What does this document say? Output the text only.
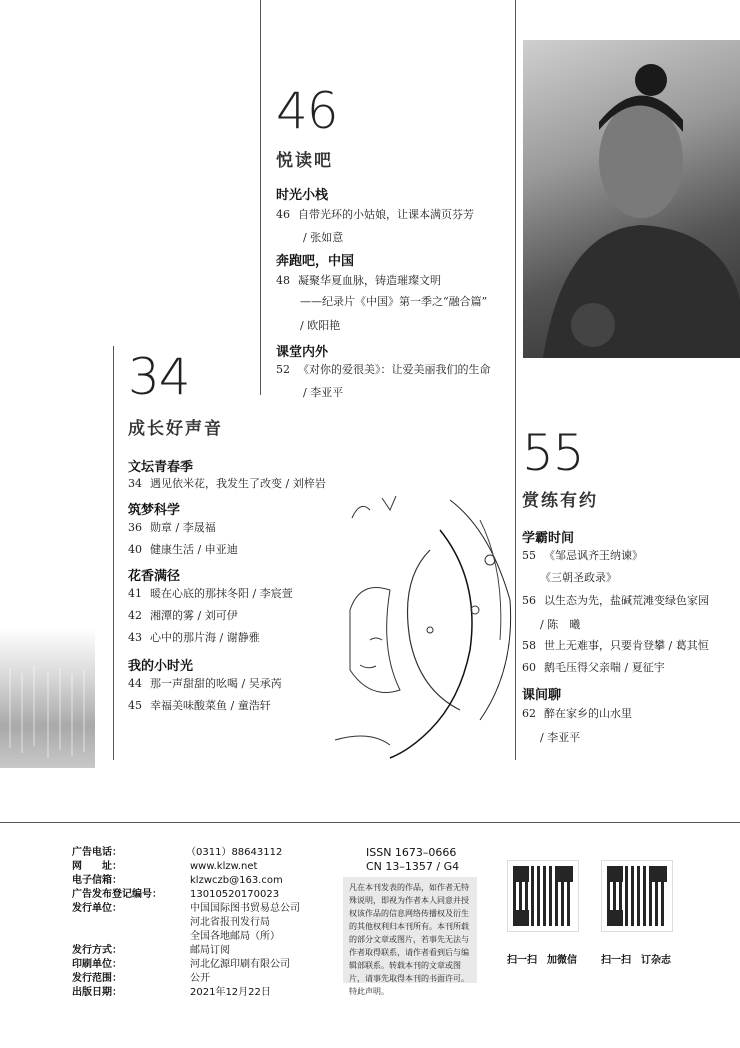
46
悦读吧
时光小栈
46 自带光环的小姑娘，让课本满页芬芳
/ 张如意
奔跑吧，中国
48 凝聚华夏血脉，铸造璀璨文明
——纪录片《中国》第一季之“融合篇”
/ 欧阳艳
课堂内外
52 《对你的爱很美》：让爱美丽我们的生命
/ 李亚平
34
成长好声音
文坛青春季
34 遇见依米花，我发生了改变 / 刘梓岩
筑梦科学
36 勋章 / 李晟福
40 健康生活 / 申亚迪
花香满径
41 暖在心底的那抹冬阳 / 李宸萱
42 湘潭的雾 / 刘可伊
43 心中的那片海 / 谢静雅
我的小时光
44 那一声甜甜的吆喝 / 吴承芮
45 幸福美味酸菜鱼 / 童浩轩
55
赏练有约
学霸时间
55 《邹忌讽齐王纳谏》
《三朝圣政录》
56 以生态为先，盐碱荒滩变绿色家园
/ 陈　曦
58 世上无难事，只要肯登攀 / 葛其恒
60 鹅毛压得父亲喘 / 夏征宇
课间聊
62 醉在家乡的山水里
/ 李亚平
广告电话：
网　　址：
电子信箱：
广告发布登记编号：
发行单位：
发行方式：
印刷单位：
发行范围：
出版日期：
（0311）88643112
www.klzw.net
klzwczb@163.com
13010520170023
中国国际图书贸易总公司
河北省报刊发行局
全国各地邮局（所）
邮局订阅
河北亿源印刷有限公司
公开
2021年12月22日
ISSN 1673–0666
CN 13–1357 / G4
凡在本刊发表的作品，如作者无特殊说明，即视为作者本人同意并授权该作品的信息网络传播权及衍生的其他权利归本刊所有。本刊所载的部分文章或图片，若事先无法与作者取得联系，请作者看到后与编辑部联系。转载本刊的文章或图片，请事先取得本刊的书面许可。特此声明。
扫一扫　加微信 扫一扫　订杂志
